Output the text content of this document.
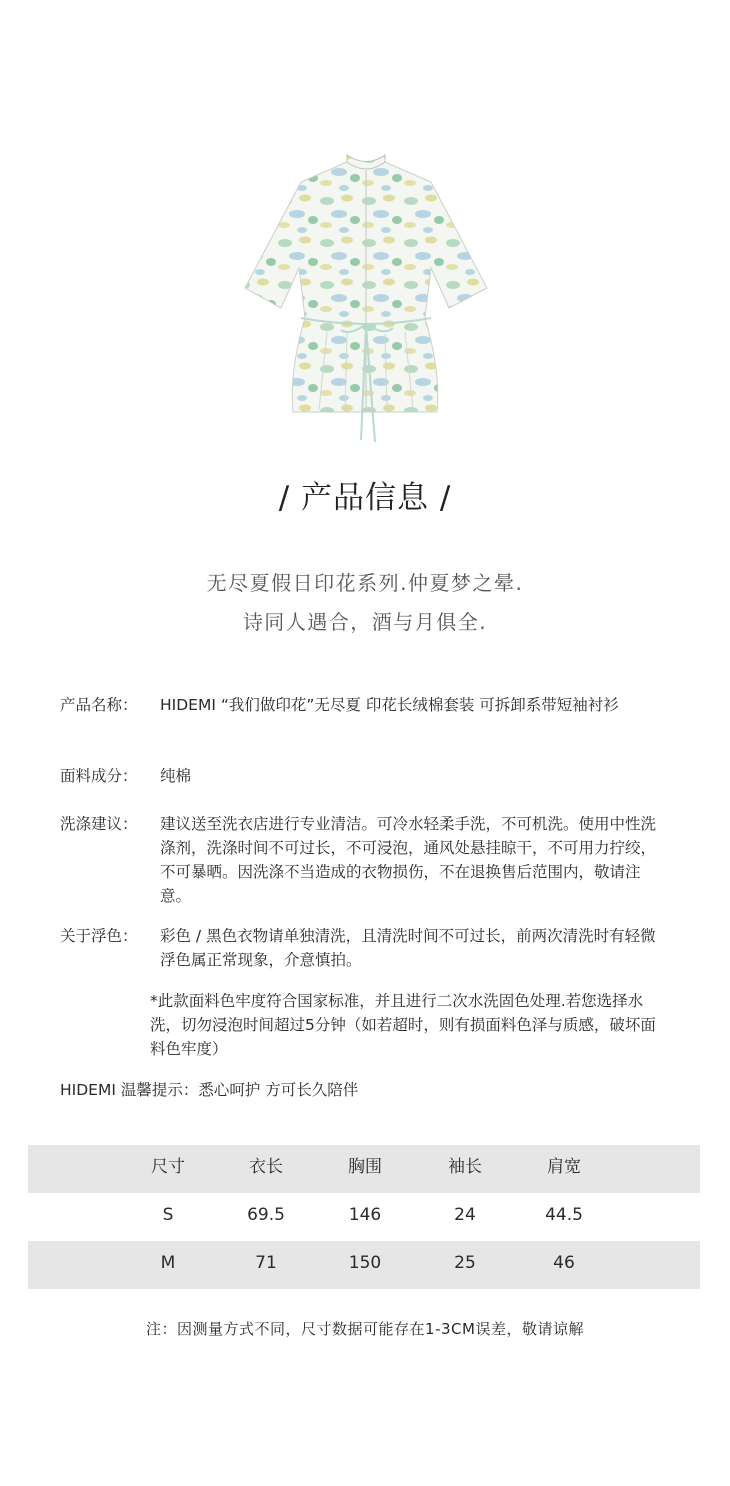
/ 产品信息 /
无尽夏假日印花系列.仲夏梦之晕.
诗同人遇合，酒与月俱全.
产品名称： HIDEMI “我们做印花”无尽夏 印花长绒棉套装 可拆卸系带短袖衬衫
面料成分： 纯棉
洗涤建议： 建议送至洗衣店进行专业清洁。可冷水轻柔手洗，不可机洗。使用中性洗涤剂，洗涤时间不可过长，不可浸泡，通风处悬挂晾干，不可用力拧绞，不可暴晒。因洗涤不当造成的衣物损伤，不在退换售后范围内，敬请注意。
关于浮色： 彩色 / 黑色衣物请单独清洗，且清洗时间不可过长，前两次清洗时有轻微浮色属正常现象，介意慎拍。
*此款面料色牢度符合国家标准，并且进行二次水洗固色处理.若您选择水洗，切勿浸泡时间超过5分钟（如若超时，则有损面料色泽与质感，破坏面料色牢度）
HIDEMI 温馨提示：悉心呵护 方可长久陪伴
尺寸	衣长	胸围	袖长	肩宽
S	69.5	146	24	44.5
M	71	150	25	46
注：因测量方式不同，尺寸数据可能存在1-3CM误差，敬请谅解
